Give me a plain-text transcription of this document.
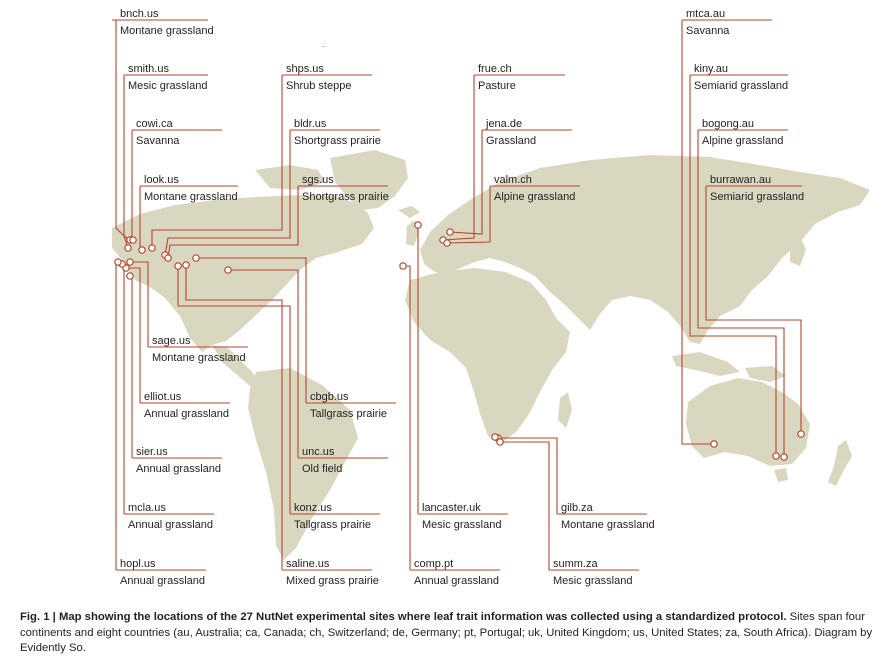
..
bnch.us
Montane grassland
smith.us
Mesic grassland
cowi.ca
Savanna
look.us
Montane grassland
shps.us
Shrub steppe
bldr.us
Shortgrass prairie
sgs.us
Shortgrass prairie
frue.ch
Pasture
jena.de
Grassland
valm.ch
Alpine grassland
mtca.au
Savanna
kiny.au
Semiarid grassland
bogong.au
Alpine grassland
burrawan.au
Semiarid grassland
sage.us
Montane grassland
elliot.us
Annual grassland
cbgb.us
Tallgrass prairie
sier.us
Annual grassland
unc.us
Old field
mcla.us
Annual grassland
konz.us
Tallgrass prairie
lancaster.uk
Mesic grassland
gilb.za
Montane grassland
hopl.us
Annual grassland
saline.us
Mixed grass prairie
comp.pt
Annual grassland
summ.za
Mesic grassland
Fig. 1 | Map showing the locations of the 27 NutNet experimental sites where leaf trait information was collected using a standardized protocol. Sites span four continents and eight countries (au, Australia; ca, Canada; ch, Switzerland; de, Germany; pt, Portugal; uk, United Kingdom; us, United States; za, South Africa). Diagram by Evidently So.
